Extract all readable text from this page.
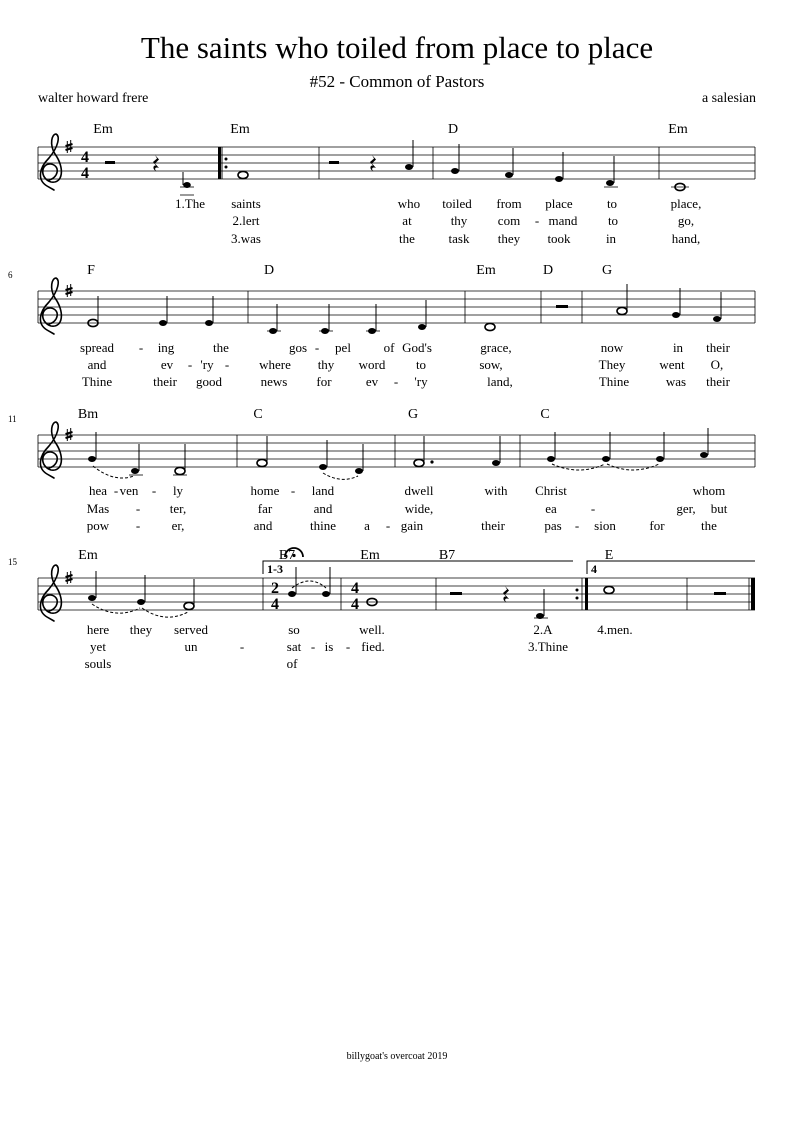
The saints who toiled from place to place
#52 - Common of Pastors
walter howard frere	a salesian
billygoat's overcoat 2019
4
4
2
4
4
4
6
11
15
Em	Em	D	Em
F	D	Em	D	G
Bm	C	G	C
Em	B7	Em	B7	E
1.The saints	who toiled from place	to	place,
2.lert	at	thy com - mand to	go,
3.was	the	task they took	in	hand,
spread - ing	the	gos - pel	of God's	grace,	now	in their
and	ev - 'ry - where thy word to	sow,	They	went O,
Thine	their good	news for	ev - 'ry	land,	Thine	was their
hea - ven - ly	home - land	dwell	with Christ	whom
Mas - ter,	far	and	wide,	ea	-	ger, but
pow - er,	and	thine a - gain	their	pas - sion	for	the
here they served	so	well.	2.A	4.men.
yet	un	-	sat - is - fied.	3.Thine
souls	of
1-3	4
